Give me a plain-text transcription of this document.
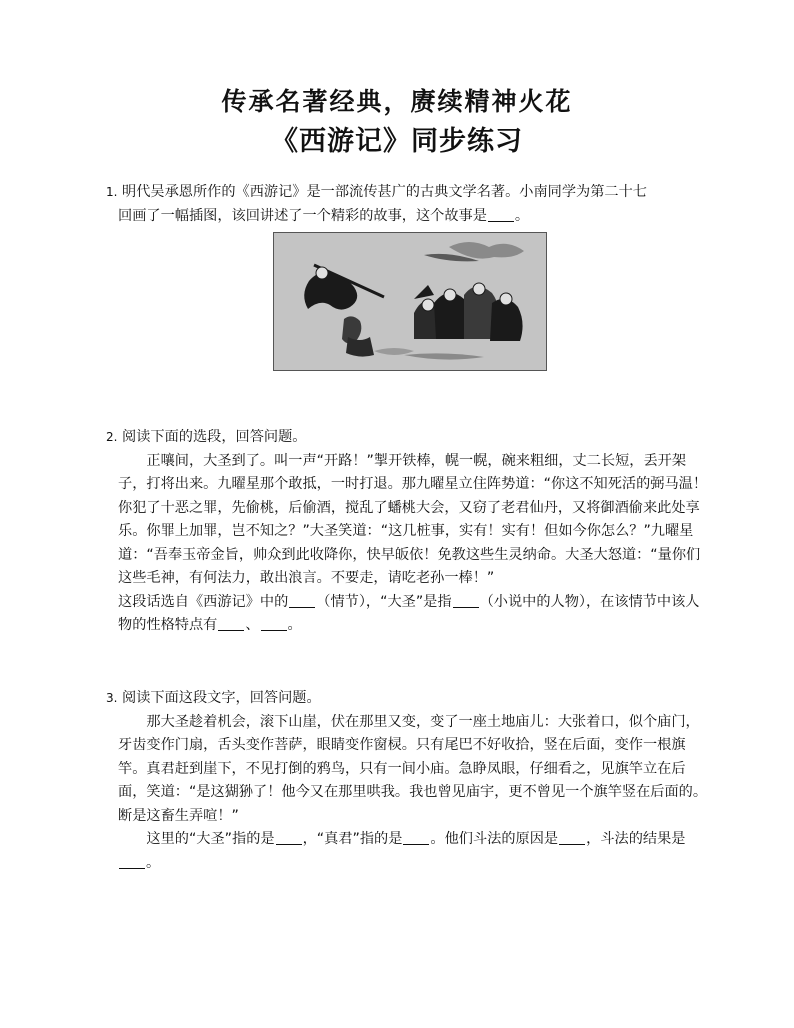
传承名著经典，赓续精神火花
《西游记》同步练习

1. 明代吴承恩所作的《西游记》是一部流传甚广的古典文学名著。小南同学为第二十七

回画了一幅插图，该回讲述了一个精彩的故事，这个故事是 。

2. 阅读下面的选段，回答问题。

正嚷间，大圣到了。叫一声“开路！”掣开铁棒，幌一幌，碗来粗细，丈二长短，丢开架子，打将出来。九曜星那个敢抵，一时打退。那九曜星立住阵势道：“你这不知死活的弼马温！你犯了十恶之罪，先偷桃，后偷酒，搅乱了蟠桃大会，又窃了老君仙丹，又将御酒偷来此处享乐。你罪上加罪，岂不知之？”大圣笑道：“这几桩事，实有！实有！但如今你怎么？”九曜星道：“吾奉玉帝金旨，帅众到此收降你，快早皈依！免教这些生灵纳命。大圣大怒道：“量你们这些毛神，有何法力，敢出浪言。不要走，请吃老孙一棒！”

这段话选自《西游记》中的 （情节），“大圣”是指 （小说中的人物），在该情节中该人物的性格特点有 、 。

3. 阅读下面这段文字，回答问题。

那大圣趁着机会，滚下山崖，伏在那里又变，变了一座土地庙儿：大张着口，似个庙门，牙齿变作门扇，舌头变作菩萨，眼睛变作窗棂。只有尾巴不好收拾，竖在后面，变作一根旗竿。真君赶到崖下，不见打倒的鸦鸟，只有一间小庙。急睁凤眼，仔细看之，见旗竿立在后面，笑道：“是这猢狲了！他今又在那里哄我。我也曾见庙宇，更不曾见一个旗竿竖在后面的。断是这畜生弄喧！”

这里的“大圣”指的是 ，“真君”指的是 。他们斗法的原因是 ，斗法的结果是。
